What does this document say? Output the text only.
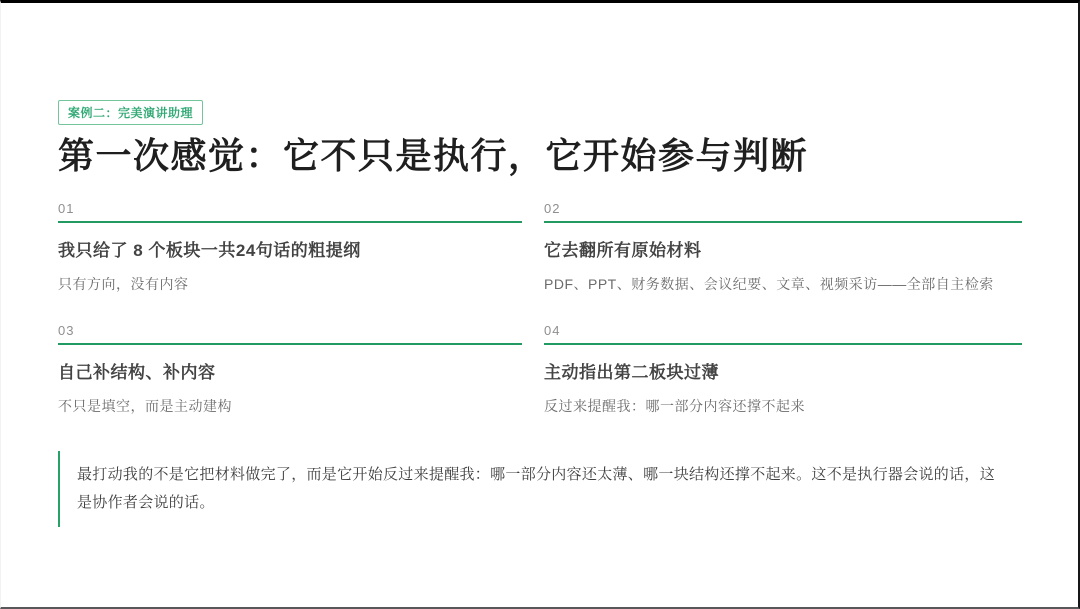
案例二：完美演讲助理
第一次感觉：它不只是执行，它开始参与判断
01
我只给了 8 个板块一共24句话的粗提纲
只有方向，没有内容
02
它去翻所有原始材料
PDF、PPT、财务数据、会议纪要、文章、视频采访——全部自主检索
03
自己补结构、补内容
不只是填空，而是主动建构
04
主动指出第二板块过薄
反过来提醒我：哪一部分内容还撑不起来

最打动我的不是它把材料做完了，而是它开始反过来提醒我：哪一部分内容还太薄、哪一块结构还撑不起来。这不是执行器会说的话，这是协作者会说的话。
